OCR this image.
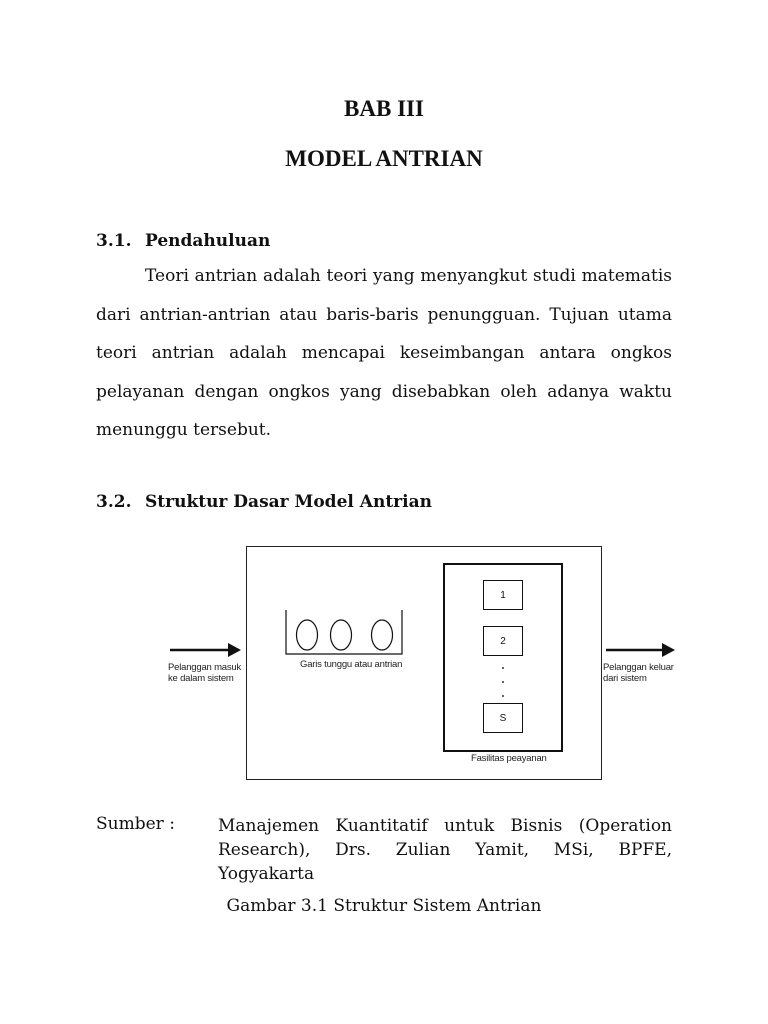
BAB III
MODEL ANTRIAN
3.1. Pendahuluan

Teori antrian adalah teori yang menyangkut studi matematis dari antrian-antrian atau baris-baris penungguan. Tujuan utama teori antrian adalah mencapai keseimbangan antara ongkos pelayanan dengan ongkos yang disebabkan oleh adanya waktu menunggu tersebut.

3.2. Struktur Dasar Model Antrian
Pelanggan masuk
ke dalam sistem
Garis tunggu atau antrian
1
2
S
Fasilitas peayanan
Pelanggan keluar
dari sistem
Sumber :	Manajemen Kuantitatif untuk Bisnis (Operation Research), Drs. Zulian Yamit, MSi, BPFE, Yogyakarta

Gambar 3.1 Struktur Sistem Antrian
